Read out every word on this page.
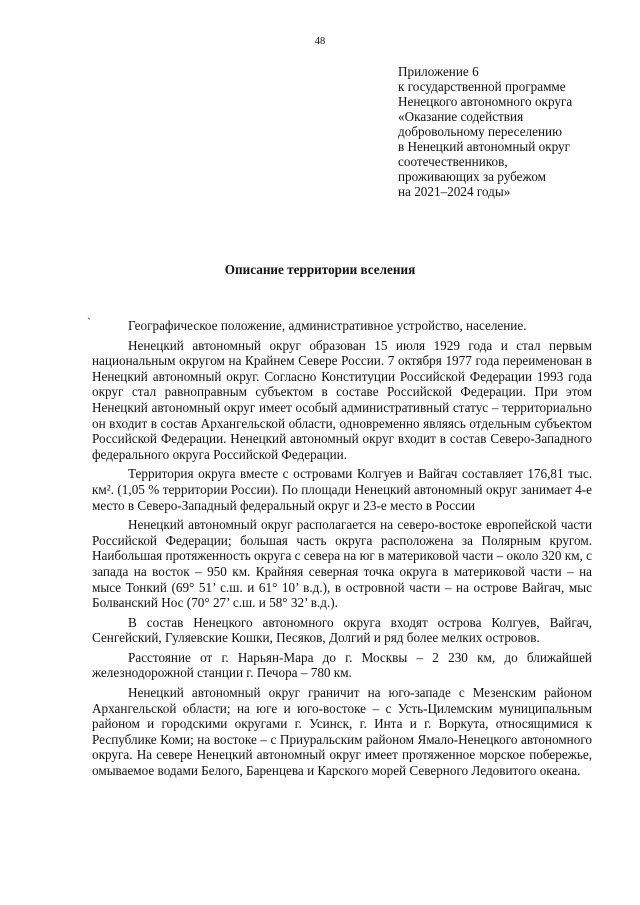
48
Приложение 6
к государственной программе
Ненецкого автономного округа
«Оказание содействия
добровольному переселению
в Ненецкий автономный округ
соотечественников,
проживающих за рубежом
на 2021–2024 годы»
Описание территории вселения
ˋ	Географическое положение, административное устройство, население.

Ненецкий автономный округ образован 15 июля 1929 года и стал первым национальным округом на Крайнем Севере России. 7 октября 1977 года переименован в Ненецкий автономный округ. Согласно Конституции Российской Федерации 1993 года округ стал равноправным субъектом в составе Российской Федерации. При этом Ненецкий автономный округ имеет особый административный статус – территориально он входит в состав Архангельской области, одновременно являясь отдельным субъектом Российской Федерации. Ненецкий автономный округ входит в состав Северо-Западного федерального округа Российской Федерации.

Территория округа вместе с островами Колгуев и Вайгач составляет 176,81 тыс. км². (1,05 % территории России). По площади Ненецкий автономный округ занимает 4-е место в Северо-Западный федеральный округ и 23-е место в России

Ненецкий автономный округ располагается на северо-востоке европейской части Российской Федерации; большая часть округа расположена за Полярным кругом. Наибольшая протяженность округа с севера на юг в материковой части – около 320 км, с запада на восток – 950 км. Крайняя северная точка округа в материковой части – на мысе Тонкий (69° 51’ с.ш. и 61° 10’ в.д.), в островной части – на острове Вайгач, мыс Болванский Нос (70° 27’ с.ш. и 58° 32’ в.д.).

В состав Ненецкого автономного округа входят острова Колгуев, Вайгач, Сенгейский, Гуляевские Кошки, Песяков, Долгий и ряд более мелких островов.

Расстояние от г. Нарьян-Мара до г. Москвы – 2 230 км, до ближайшей железнодорожной станции г. Печора – 780 км.

Ненецкий автономный округ граничит на юго-западе с Мезенским районом Архангельской области; на юге и юго-востоке – с Усть-Цилемским муниципальным районом и городскими округами г. Усинск, г. Инта и г. Воркута, относящимися к Республике Коми; на востоке – с Приуральским районом Ямало-Ненецкого автономного округа. На севере Ненецкий автономный округ имеет протяженное морское побережье, омываемое водами Белого, Баренцева и Карского морей Северного Ледовитого океана.
